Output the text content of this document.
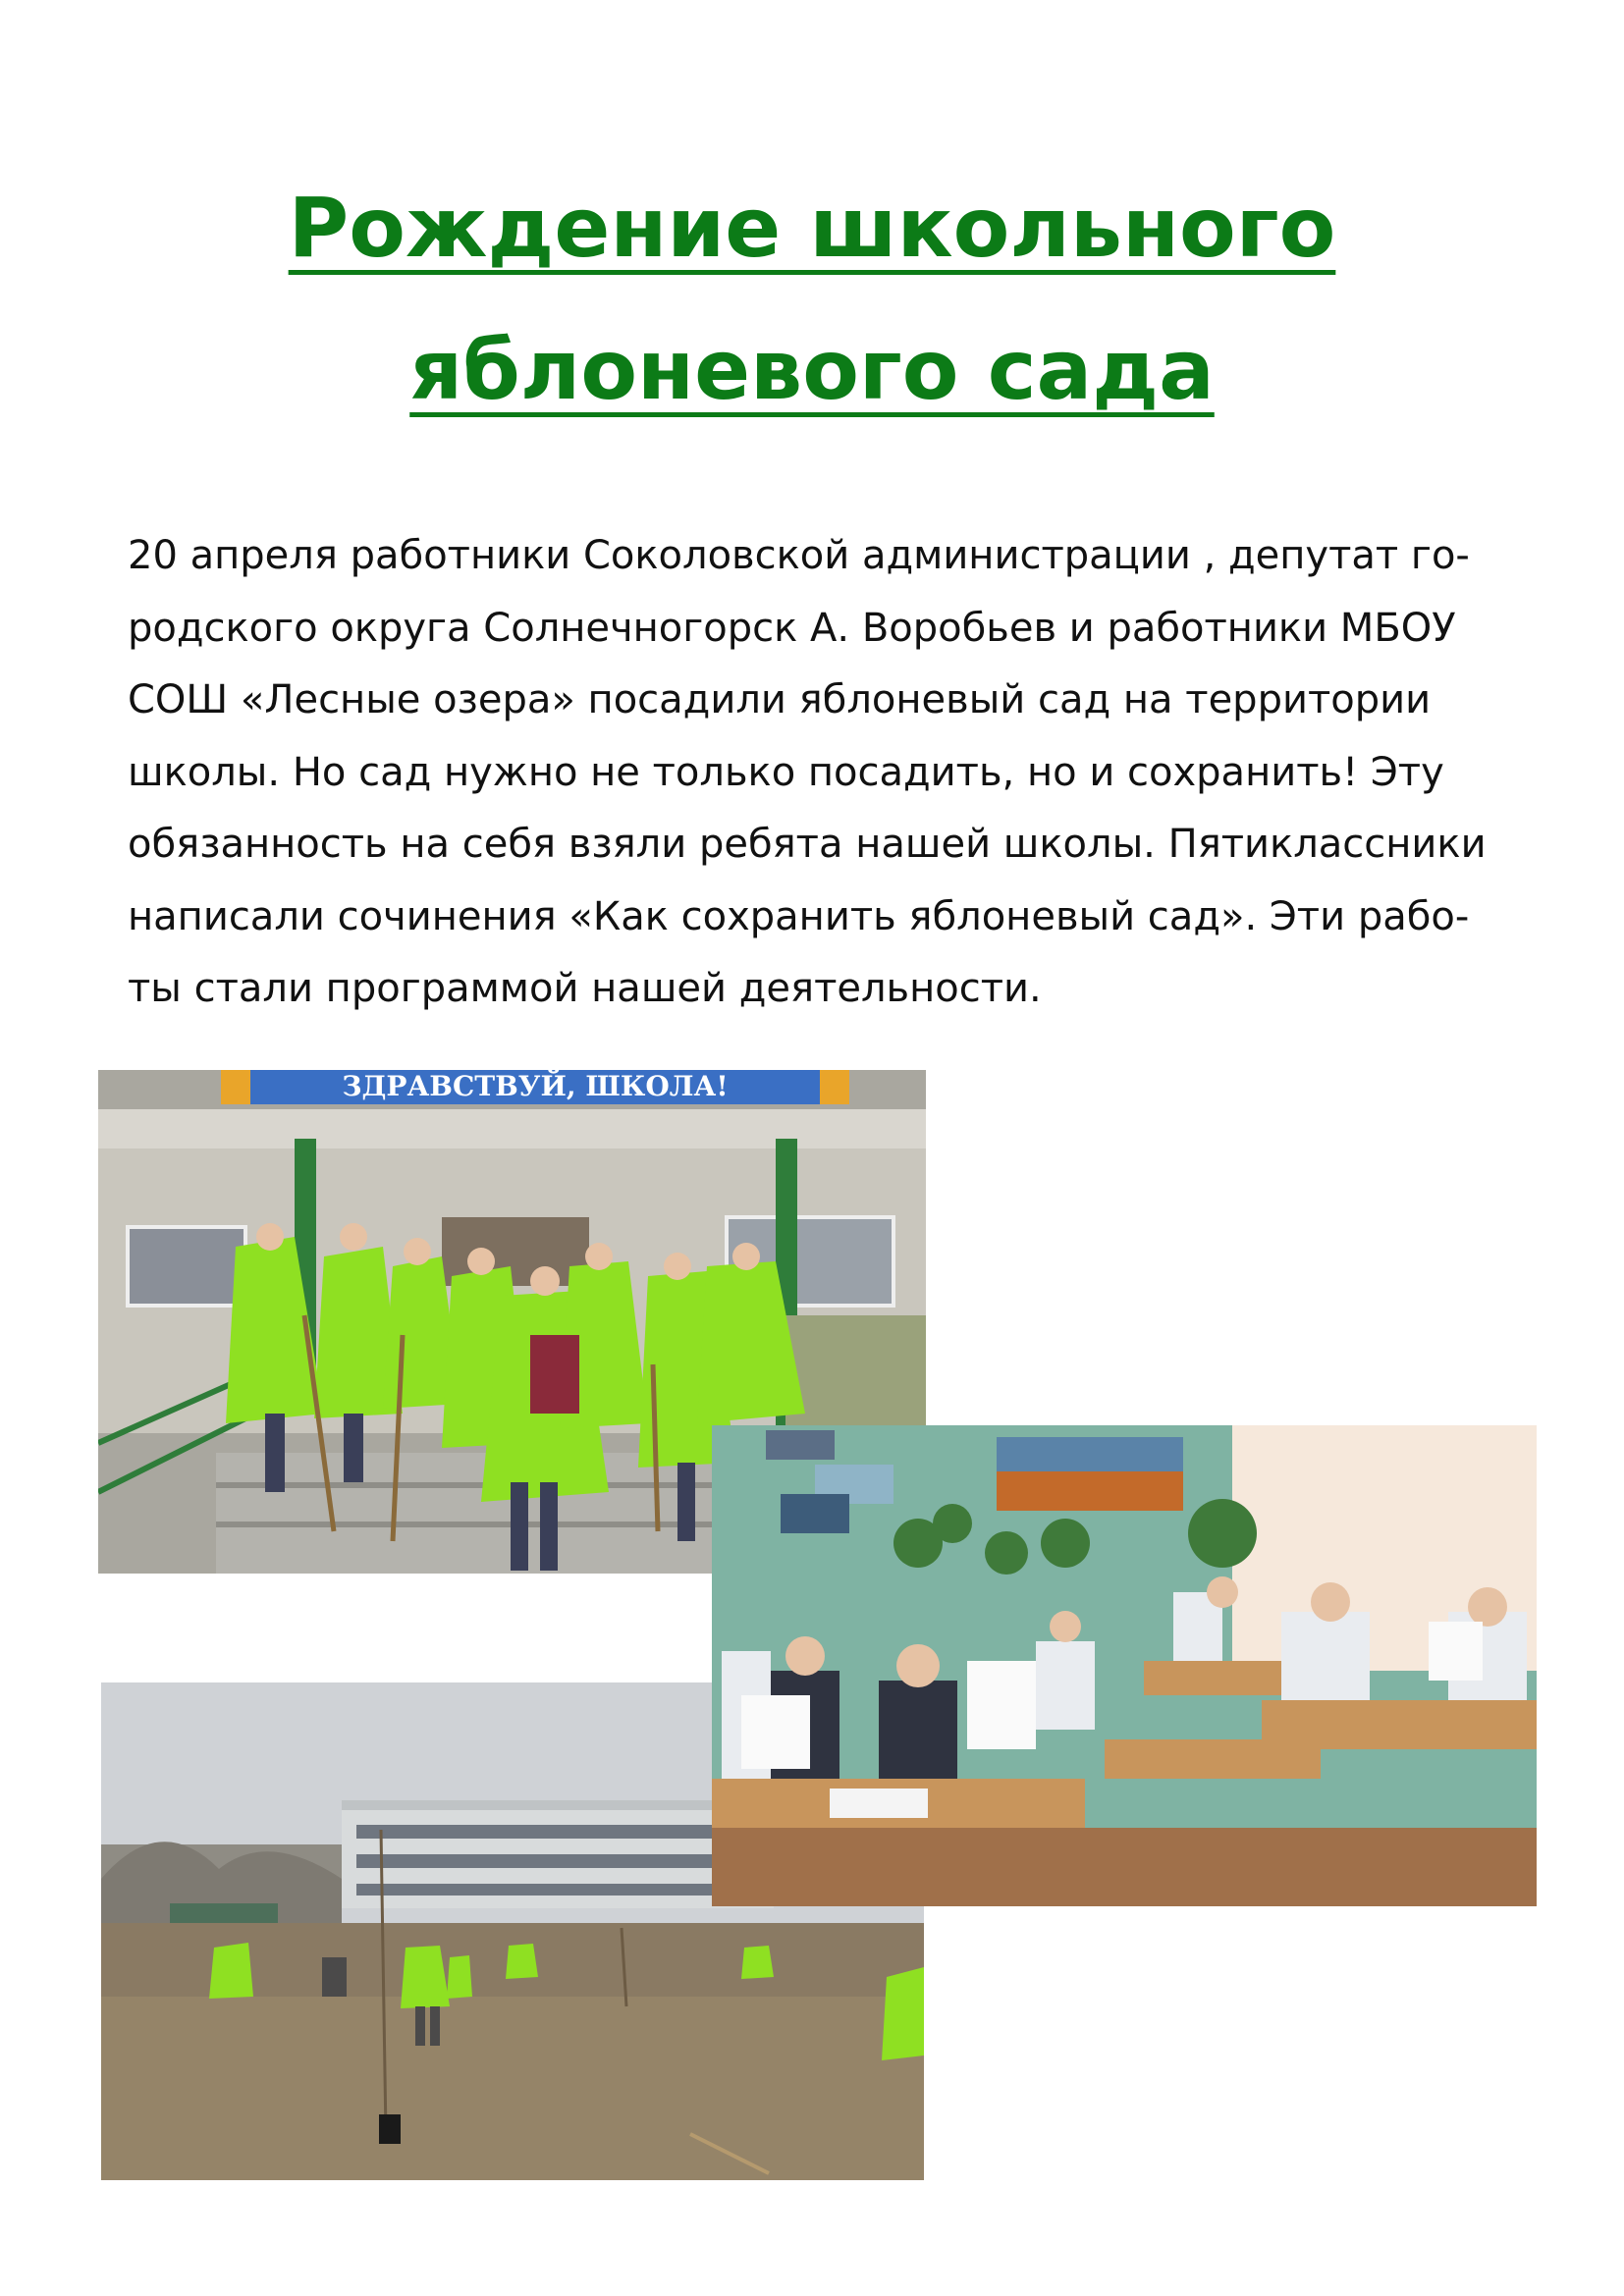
Рождение школьного
яблоневого сада
20 апреля работники Соколовской администрации , депутат го-
родского округа Солнечногорск А. Воробьев и работники МБОУ
СОШ «Лесные озера» посадили яблоневый сад на территории
школы. Но сад нужно не только посадить, но и сохранить! Эту
обязанность на себя взяли ребята нашей школы. Пятиклассники
написали сочинения «Как сохранить яблоневый сад». Эти рабо-
ты стали программой нашей деятельности.
ЗДРАВСТВУЙ, ШКОЛА!
